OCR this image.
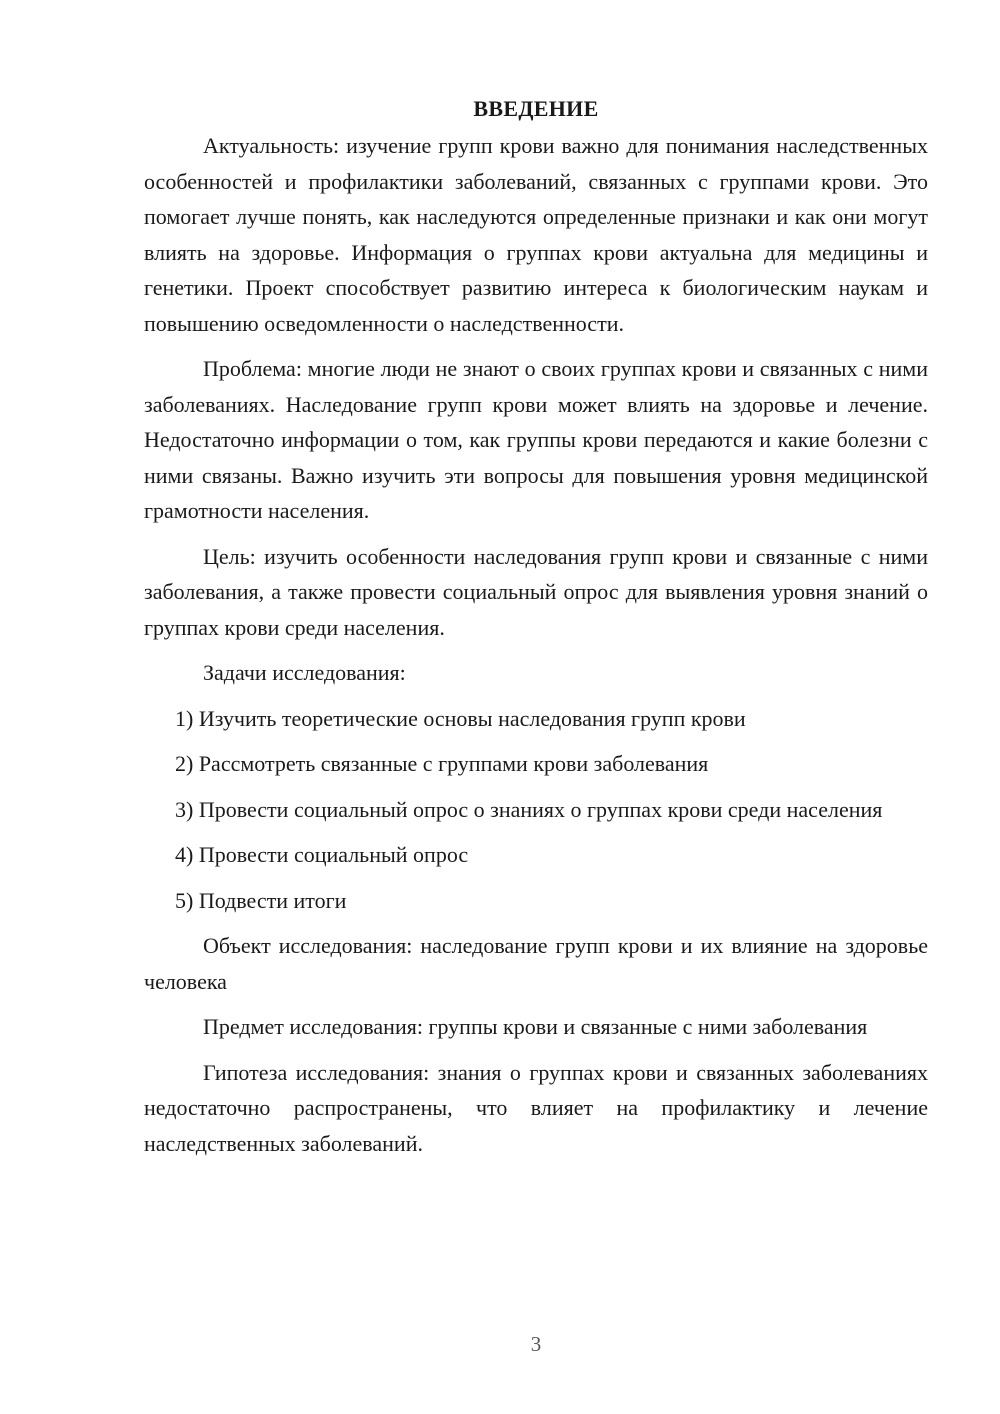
ВВЕДЕНИЕ

Актуальность: изучение групп крови важно для понимания наследственных особенностей и профилактики заболеваний, связанных с группами крови. Это помогает лучше понять, как наследуются определенные признаки и как они могут влиять на здоровье. Информация о группах крови актуальна для медицины и генетики. Проект способствует развитию интереса к биологическим наукам и повышению осведомленности о наследственности.

Проблема: многие люди не знают о своих группах крови и связанных с ними заболеваниях. Наследование групп крови может влиять на здоровье и лечение. Недостаточно информации о том, как группы крови передаются и какие болезни с ними связаны. Важно изучить эти вопросы для повышения уровня медицинской грамотности населения.

Цель: изучить особенности наследования групп крови и связанные с ними заболевания, а также провести социальный опрос для выявления уровня знаний о группах крови среди населения.

Задачи исследования:

1) Изучить теоретические основы наследования групп крови

2) Рассмотреть связанные с группами крови заболевания

3) Провести социальный опрос о знаниях о группах крови среди населения

4) Провести социальный опрос

5) Подвести итоги

Объект исследования: наследование групп крови и их влияние на здоровье человека

Предмет исследования: группы крови и связанные с ними заболевания

Гипотеза исследования: знания о группах крови и связанных заболеваниях недостаточно распространены, что влияет на профилактику и лечение наследственных заболеваний.

3
